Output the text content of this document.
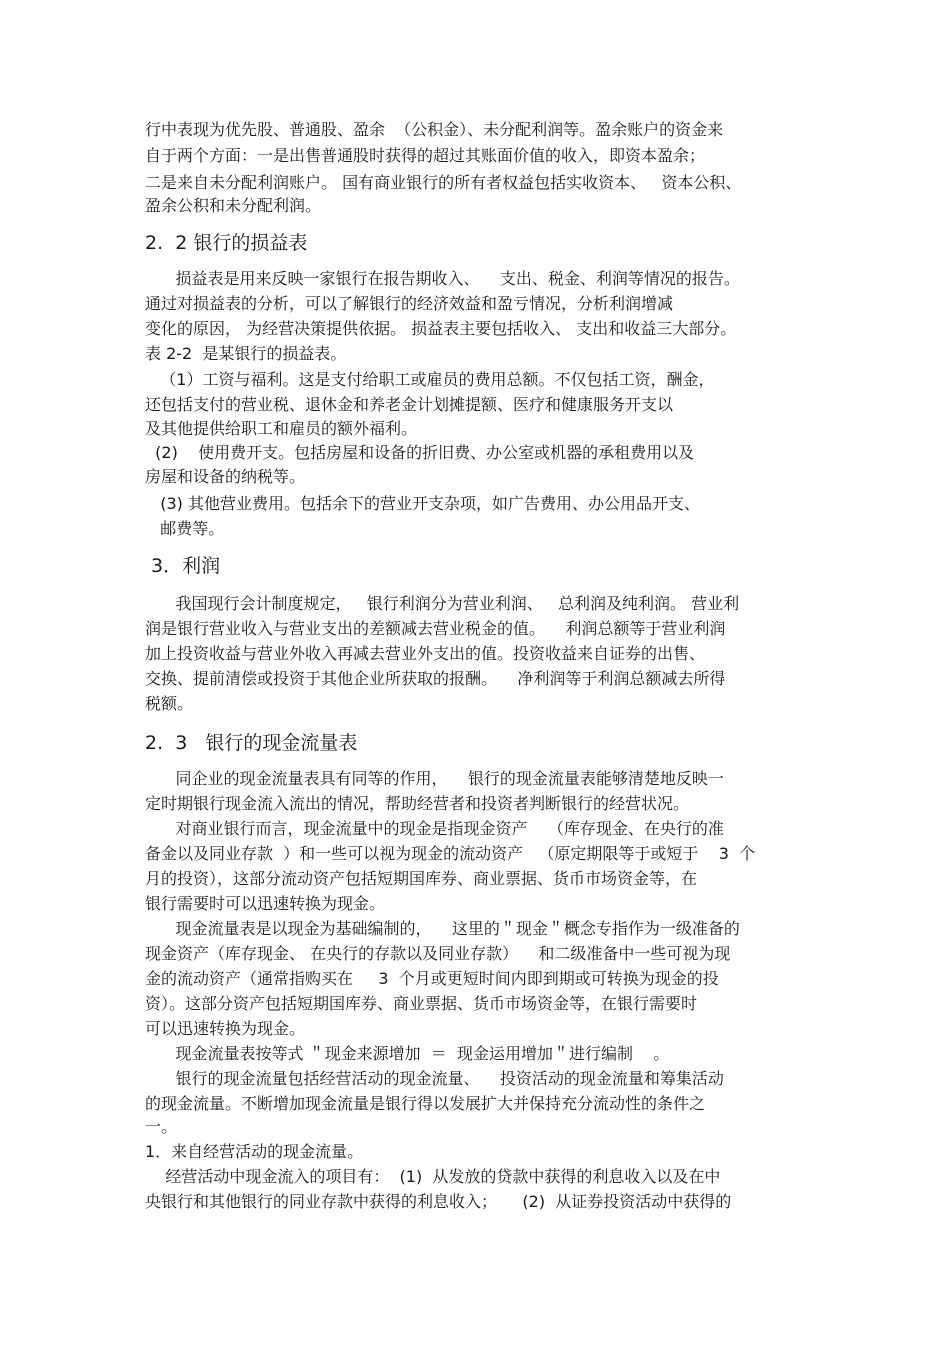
行中表现为优先股、普通股、盈余  （公积金）、未分配利润等。盈余账户的资金来
自于两个方面：一是出售普通股时获得的超过其账面价值的收入，即资本盈余；
二是来自未分配利润账户。 国有商业银行的所有者权益包括实收资本、   资本公积、
盈余公积和未分配利润。
2.  2 银行的损益表
损益表是用来反映一家银行在报告期收入、    支出、税金、利润等情况的报告。
通过对损益表的分析，可以了解银行的经济效益和盈亏情况，分析利润增减
变化的原因， 为经营决策提供依据。 损益表主要包括收入、 支出和收益三大部分。
表 2-2  是某银行的损益表。
（1）工资与福利。这是支付给职工或雇员的费用总额。不仅包括工资，酬金，
还包括支付的营业税、退休金和养老金计划摊提额、医疗和健康服务开支以
及其他提供给职工和雇员的额外福利。
(2)    使用费开支。包括房屋和设备的折旧费、办公室或机器的承租费用以及
房屋和设备的纳税等。
(3) 其他营业费用。包括余下的营业开支杂项，如广告费用、办公用品开支、
邮费等。
3．利润
我国现行会计制度规定，   银行利润分为营业利润、   总利润及纯利润。 营业利
润是银行营业收入与营业支出的差额减去营业税金的值。    利润总额等于营业利润
加上投资收益与营业外收入再减去营业外支出的值。投资收益来自证券的出售、
交换、提前清偿或投资于其他企业所获取的报酬。    净利润等于利润总额减去所得
税额。
2.  3   银行的现金流量表
同企业的现金流量表具有同等的作用，    银行的现金流量表能够清楚地反映一
定时期银行现金流入流出的情况，帮助经营者和投资者判断银行的经营状况。
对商业银行而言，现金流量中的现金是指现金资产    （库存现金、在央行的准
备金以及同业存款  ）和一些可以视为现金的流动资产   （原定期限等于或短于    3  个
月的投资），这部分流动资产包括短期国库券、商业票据、货币市场资金等，在
银行需要时可以迅速转换为现金。
现金流量表是以现金为基础编制的，    这里的＂现金＂概念专指作为一级准备的
现金资产（库存现金、 在央行的存款以及同业存款）    和二级准备中一些可视为现
金的流动资产（通常指购买在     3  个月或更短时间内即到期或可转换为现金的投
资）。这部分资产包括短期国库券、商业票据、货币市场资金等，在银行需要时
可以迅速转换为现金。
现金流量表按等式 ＂现金来源增加  ＝  现金运用增加＂进行编制    。
银行的现金流量包括经营活动的现金流量、    投资活动的现金流量和筹集活动
的现金流量。不断增加现金流量是银行得以发展扩大并保持充分流动性的条件之
一。
1．来自经营活动的现金流量。
经营活动中现金流入的项目有：  (1)  从发放的贷款中获得的利息收入以及在中
央银行和其他银行的同业存款中获得的利息收入；     (2)  从证券投资活动中获得的
